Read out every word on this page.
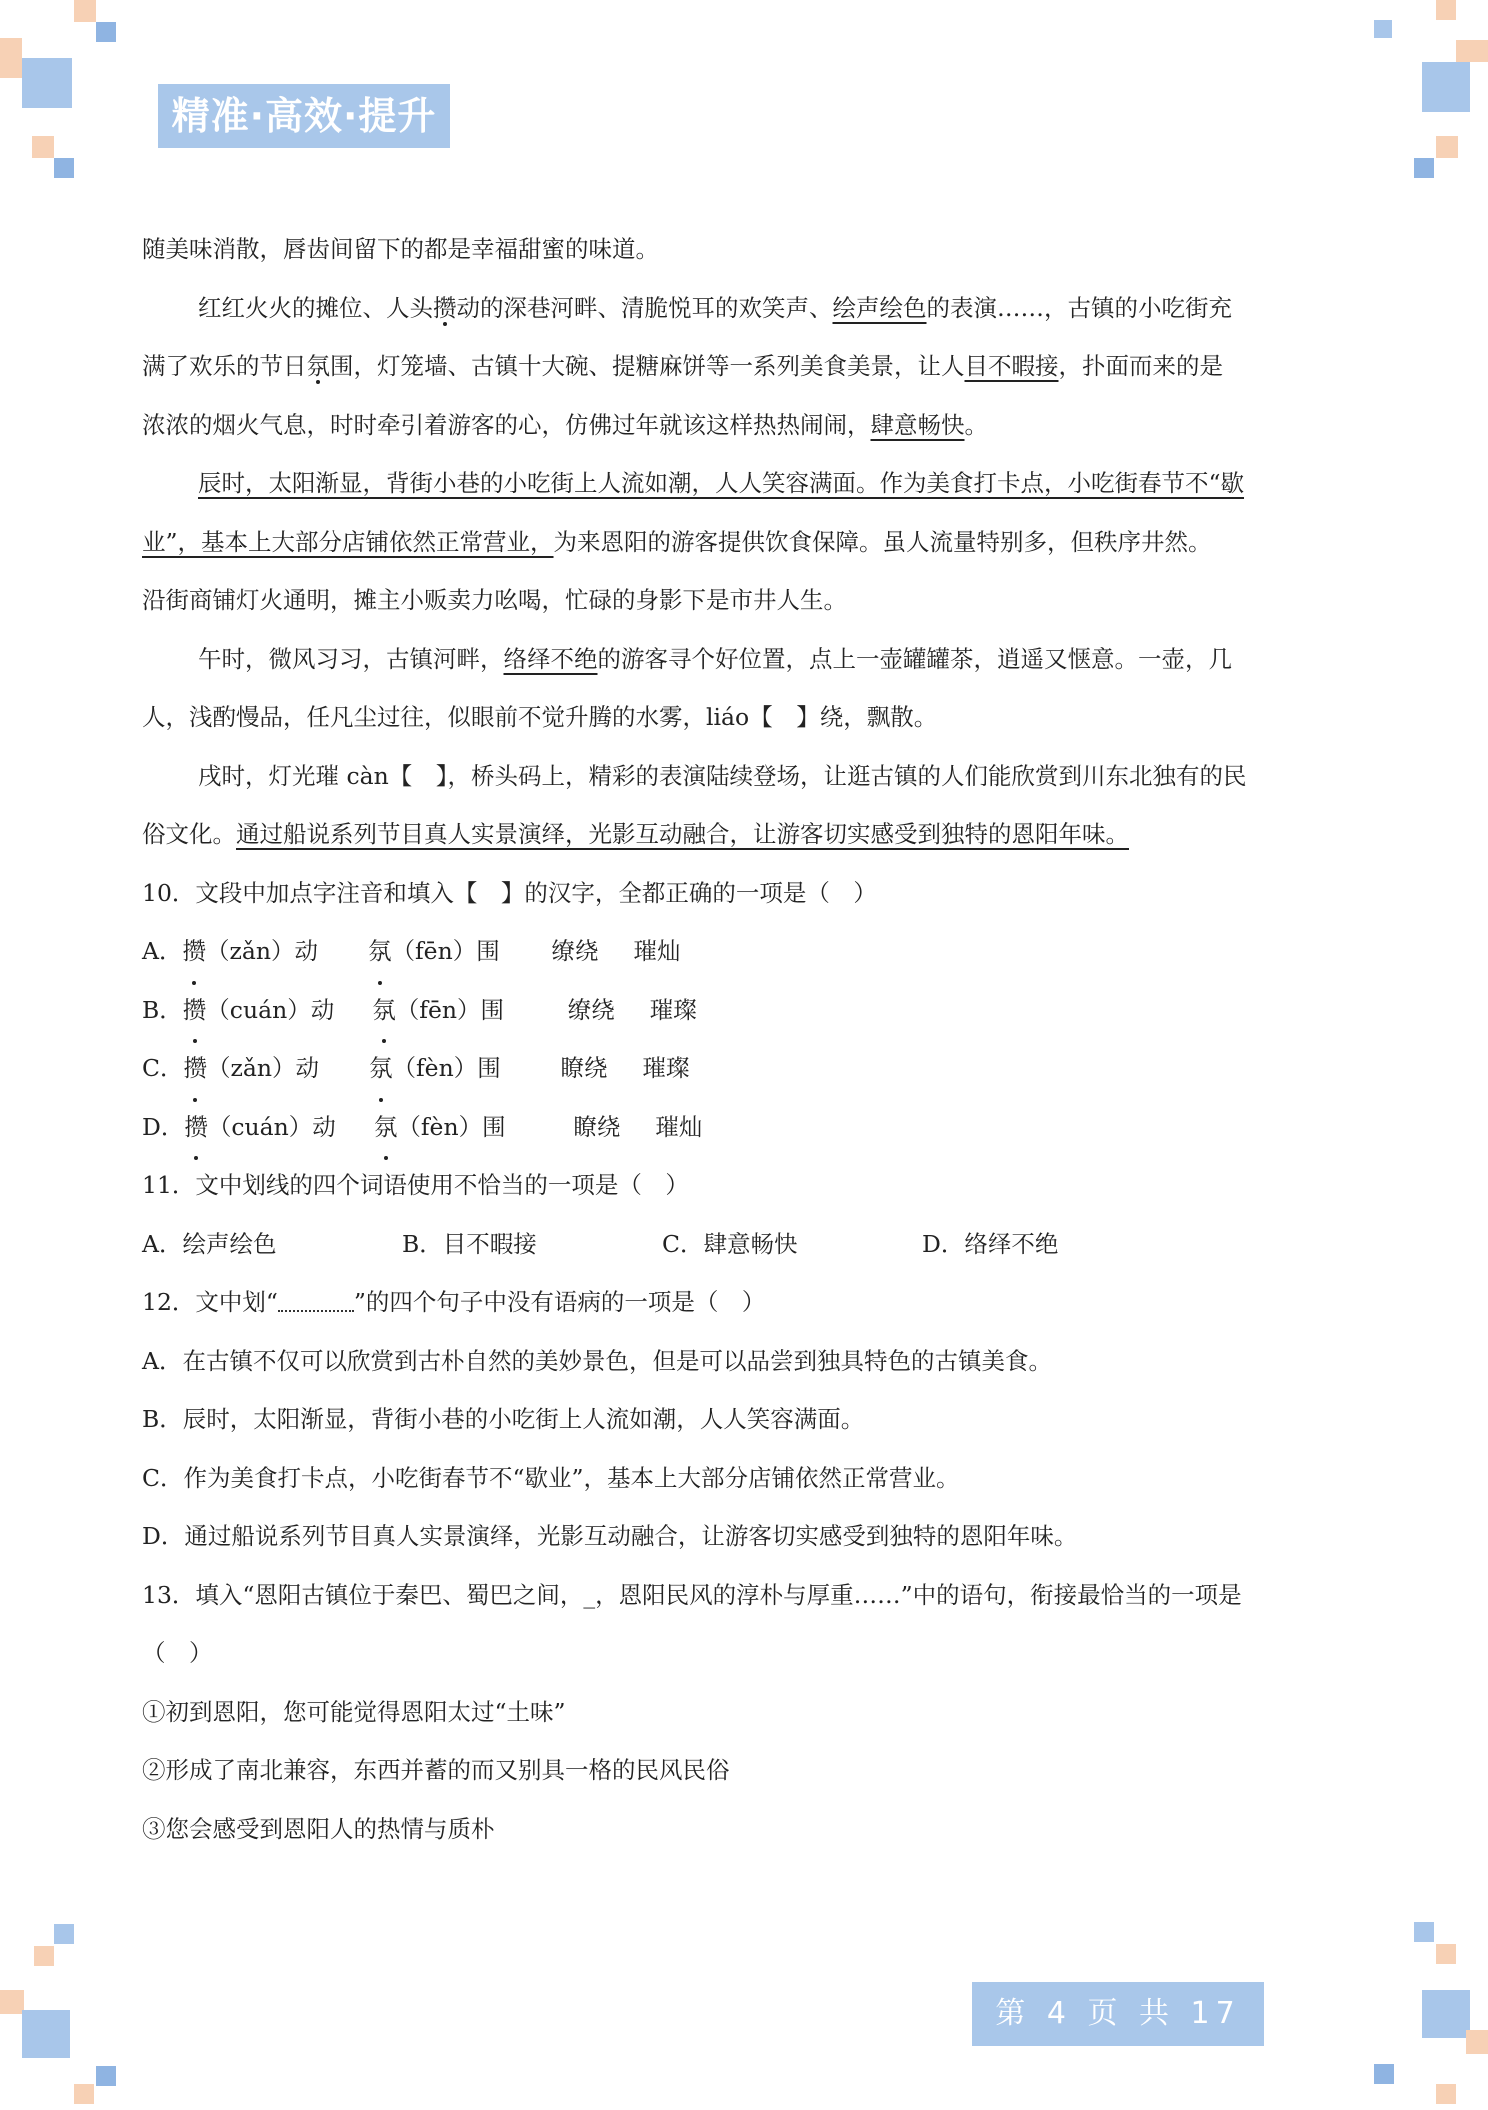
精准·高效·提升

随美味消散，唇齿间留下的都是幸福甜蜜的味道。

红红火火的摊位、人头攒动的深巷河畔、清脆悦耳的欢笑声、绘声绘色的表演……，古镇的小吃街充

满了欢乐的节日氛围，灯笼墙、古镇十大碗、提糖麻饼等一系列美食美景，让人目不暇接，扑面而来的是

浓浓的烟火气息，时时牵引着游客的心，仿佛过年就该这样热热闹闹，肆意畅快。

辰时，太阳渐显，背街小巷的小吃街上人流如潮，人人笑容满面。作为美食打卡点，小吃街春节不“歇

业”，基本上大部分店铺依然正常营业，为来恩阳的游客提供饮食保障。虽人流量特别多，但秩序井然。

沿街商铺灯火通明，摊主小贩卖力吆喝，忙碌的身影下是市井人生。

午时，微风习习，古镇河畔，络绎不绝的游客寻个好位置，点上一壶罐罐茶，逍遥又惬意。一壶，几

人，浅酌慢品，任凡尘过往，似眼前不觉升腾的水雾，liáo【　】绕，飘散。

戌时，灯光璀 càn【　】，桥头码上，精彩的表演陆续登场，让逛古镇的人们能欣赏到川东北独有的民

俗文化。通过船说系列节目真人实景演绎，光影互动融合，让游客切实感受到独特的恩阳年味。

10．文段中加点字注音和填入【　】的汉字，全都正确的一项是（　）

A． 攒 （zǎn）动	氛 （fēn）围	缭绕	璀灿

B． 攒 （cuán）动	氛 （fēn）围	缭绕	璀璨

C． 攒 （zǎn）动	氛 （fèn）围	瞭绕	璀璨

D． 攒 （cuán）动	氛 （fèn）围	瞭绕	璀灿

11．文中划线的四个词语使用不恰当的一项是（　）

A．绘声绘色	B．目不暇接	C．肆意畅快	D．络绎不绝

12．文中划“	”的四个句子中没有语病的一项是（　）

A．在古镇不仅可以欣赏到古朴自然的美妙景色，但是可以品尝到独具特色的古镇美食。

B．辰时，太阳渐显，背街小巷的小吃街上人流如潮，人人笑容满面。

C．作为美食打卡点，小吃街春节不“歇业”，基本上大部分店铺依然正常营业。

D．通过船说系列节目真人实景演绎，光影互动融合，让游客切实感受到独特的恩阳年味。

13．填入“恩阳古镇位于秦巴、蜀巴之间，_，恩阳民风的淳朴与厚重……”中的语句，衔接最恰当的一项是

（　）

①初到恩阳，您可能觉得恩阳太过“土味”

②形成了南北兼容，东西并蓄的而又别具一格的民风民俗

③您会感受到恩阳人的热情与质朴

第 4 页 共 17 页
